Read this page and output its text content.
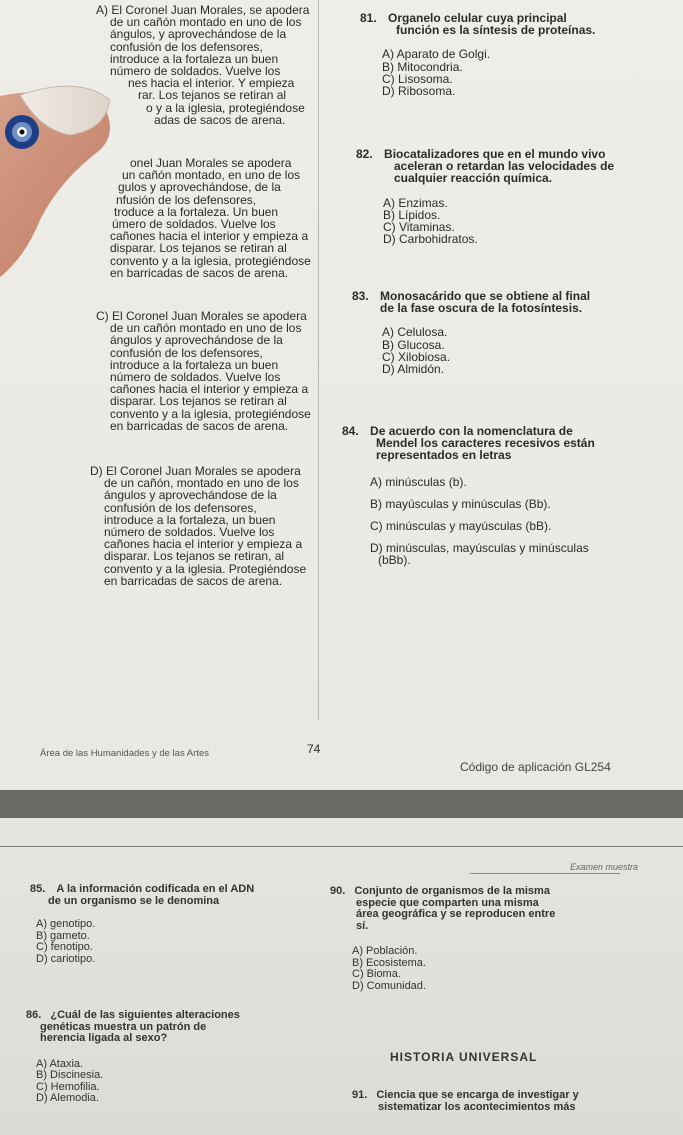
A) El Coronel Juan Morales, se apodera

de un cañón montado en uno de los

ángulos, y aprovechándose de la

confusión de los defensores,

introduce a la fortaleza un buen

número de soldados. Vuelve los

nes hacia el interior. Y empieza

rar. Los tejanos se retiran al

o y a la iglesia, protegiéndose

adas de sacos de arena.

onel Juan Morales se apodera

un cañón montado, en uno de los

gulos y aprovechándose, de la

nfusión de los defensores,

troduce a la fortaleza. Un buen

úmero de soldados. Vuelve los

cañones hacia el interior y empieza a

disparar. Los tejanos se retiran al

convento y a la iglesia, protegiéndose

en barricadas de sacos de arena.

C) El Coronel Juan Morales se apodera

de un cañón montado en uno de los

ángulos y aprovechándose de la

confusión de los defensores,

introduce a la fortaleza un buen

número de soldados. Vuelve los

cañones hacia el interior y empieza a

disparar. Los tejanos se retiran al

convento y a la iglesia, protegiéndose

en barricadas de sacos de arena.

D) El Coronel Juan Morales se apodera

de un cañón, montado en uno de los

ángulos y aprovechándose de la

confusión de los defensores,

introduce a la fortaleza, un buen

número de soldados. Vuelve los

cañones hacia el interior y empieza a

disparar. Los tejanos se retiran, al

convento y a la iglesia. Protegiéndose

en barricadas de sacos de arena.

81. Organelo celular cuya principal

función es la síntesis de proteínas.

A) Aparato de Golgi.

B) Mitocondria.

C) Lisosoma.

D) Ribosoma.

82. Biocatalizadores que en el mundo vivo

aceleran o retardan las velocidades de

cualquier reacción química.

A) Enzimas.

B) Lípidos.

C) Vitaminas.

D) Carbohidratos.

83. Monosacárido que se obtiene al final

de la fase oscura de la fotosíntesis.

A) Celulosa.

B) Glucosa.

C) Xilobiosa.

D) Almidón.

84. De acuerdo con la nomenclatura de

Mendel los caracteres recesivos están

representados en letras

A) minúsculas (b).

B) mayúsculas y minúsculas (Bb).

C) minúsculas y mayúsculas (bB).

D) minúsculas, mayúsculas y minúsculas

(bBb).

Área de las Humanidades y de las Artes	74
Código de aplicación GL254
Examen muestra

85. A la información codificada en el ADN

de un organismo se le denomina

A) genotipo.

B) gameto.

C) fenotipo.

D) cariotipo.

86. ¿Cuál de las siguientes alteraciones

genéticas muestra un patrón de

herencia ligada al sexo?

A) Ataxia.

B) Discinesia.

C) Hemofilia.

D) Alemodia.

90. Conjunto de organismos de la misma

especie que comparten una misma

área geográfica y se reproducen entre

sí.

A) Población.

B) Ecosistema.

C) Bioma.

D) Comunidad.

HISTORIA UNIVERSAL

91. Ciencia que se encarga de investigar y

sistematizar los acontecimientos más
